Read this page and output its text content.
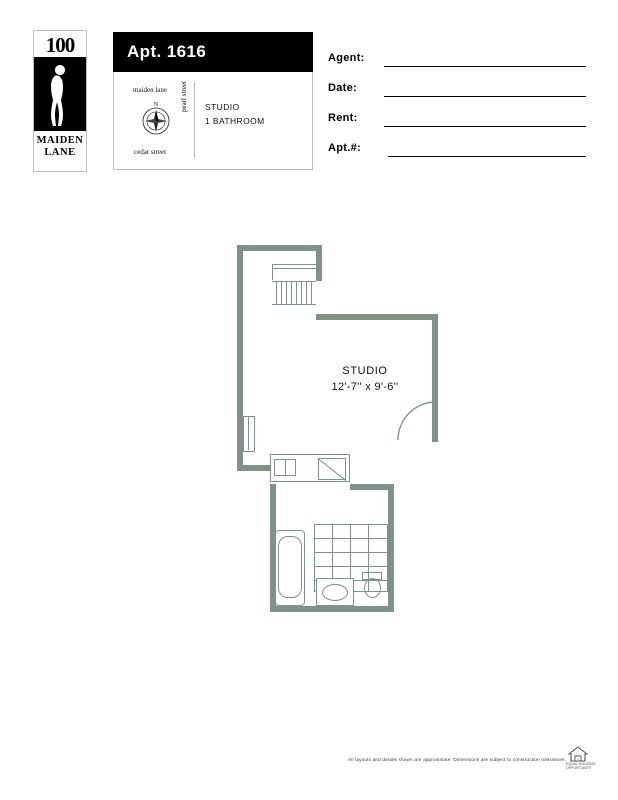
100
MAIDEN
LANE
Apt. 1616
maiden lane
cedar street
pearl street
N	STUDIO
1 BATHROOM
Agent:
Date:
Rent:
Apt.#:
STUDIO
12'-7'' x 9'-6''
All layouts and details shown are approximate. Dimensions are subject to construction tolerances.	=
EQUAL HOUSING
OPPORTUNITY
